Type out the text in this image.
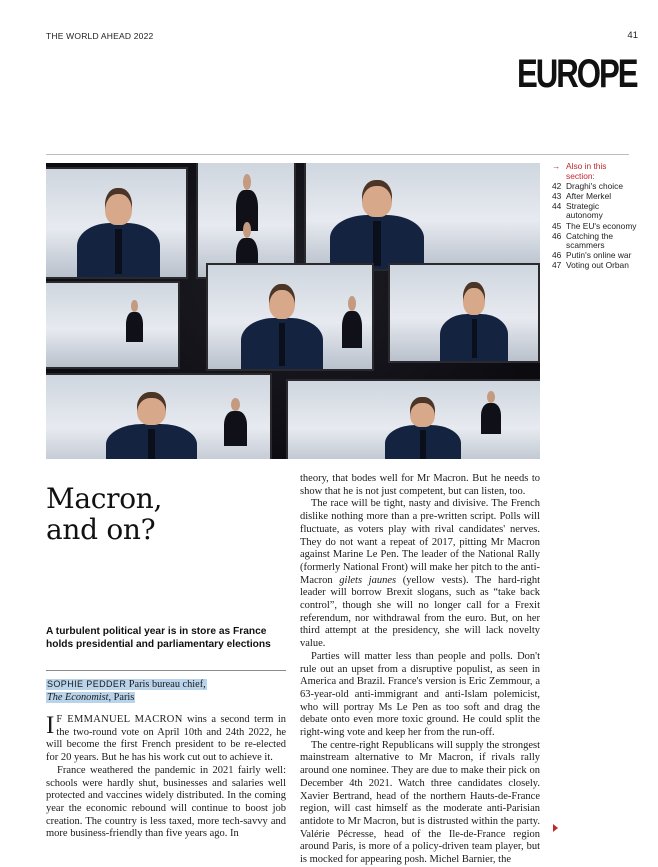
THE WORLD AHEAD 2022	41
EUROPE
Macron,
and on?
A turbulent political year is in store as France holds presidential and parliamentary elections
SOPHIE PEDDER Paris bureau chief,
The Economist, Paris

I F EMMANUEL MACRON wins a second term in the two-round vote on April 10th and 24th 2022, he will become the first French president to be re-elected for 20 years. But he has his work cut out to achieve it.

France weathered the pandemic in 2021 fairly well: schools were hardly shut, businesses and salaries well protected and vaccines widely distributed. In the coming year the economic rebound will continue to boost job creation. The country is less taxed, more tech-savvy and more business-friendly than five years ago. In

theory, that bodes well for Mr Macron. But he needs to show that he is not just competent, but can listen, too.

The race will be tight, nasty and divisive. The French dislike nothing more than a pre-written script. Polls will fluctuate, as voters play with rival candidates' nerves. They do not want a repeat of 2017, pitting Mr Macron against Marine Le Pen. The leader of the National Rally (formerly National Front) will make her pitch to the anti-Macron gilets jaunes (yellow vests). The hard-right leader will borrow Brexit slogans, such as “take back control”, though she will no longer call for a Frexit referendum, nor withdrawal from the euro. But, on her third attempt at the presidency, she will lack novelty value.

Parties will matter less than people and polls. Don't rule out an upset from a disruptive populist, as seen in America and Brazil. France's version is Eric Zemmour, a 63-year-old anti-immigrant and anti-Islam polemicist, who will portray Ms Le Pen as too soft and drag the debate onto even more toxic ground. He could split the right-wing vote and keep her from the run-off.

The centre-right Republicans will supply the strongest mainstream alternative to Mr Macron, if rivals rally around one nominee. They are due to make their pick on December 4th 2021. Watch three candidates closely. Xavier Bertrand, head of the northern Hauts-de-France region, will cast himself as the moderate anti-Parisian antidote to Mr Macron, but is distrusted within the party. Valérie Pécresse, head of the Ile-de-France region around Paris, is more of a policy-driven team player, but is mocked for appearing posh. Michel Barnier, the

→ Also in this section:
42 Draghi's choice
43 After Merkel
44 Strategic autonomy
45 The EU's economy
46 Catching the scammers
46 Putin's online war
47 Voting out Orban
